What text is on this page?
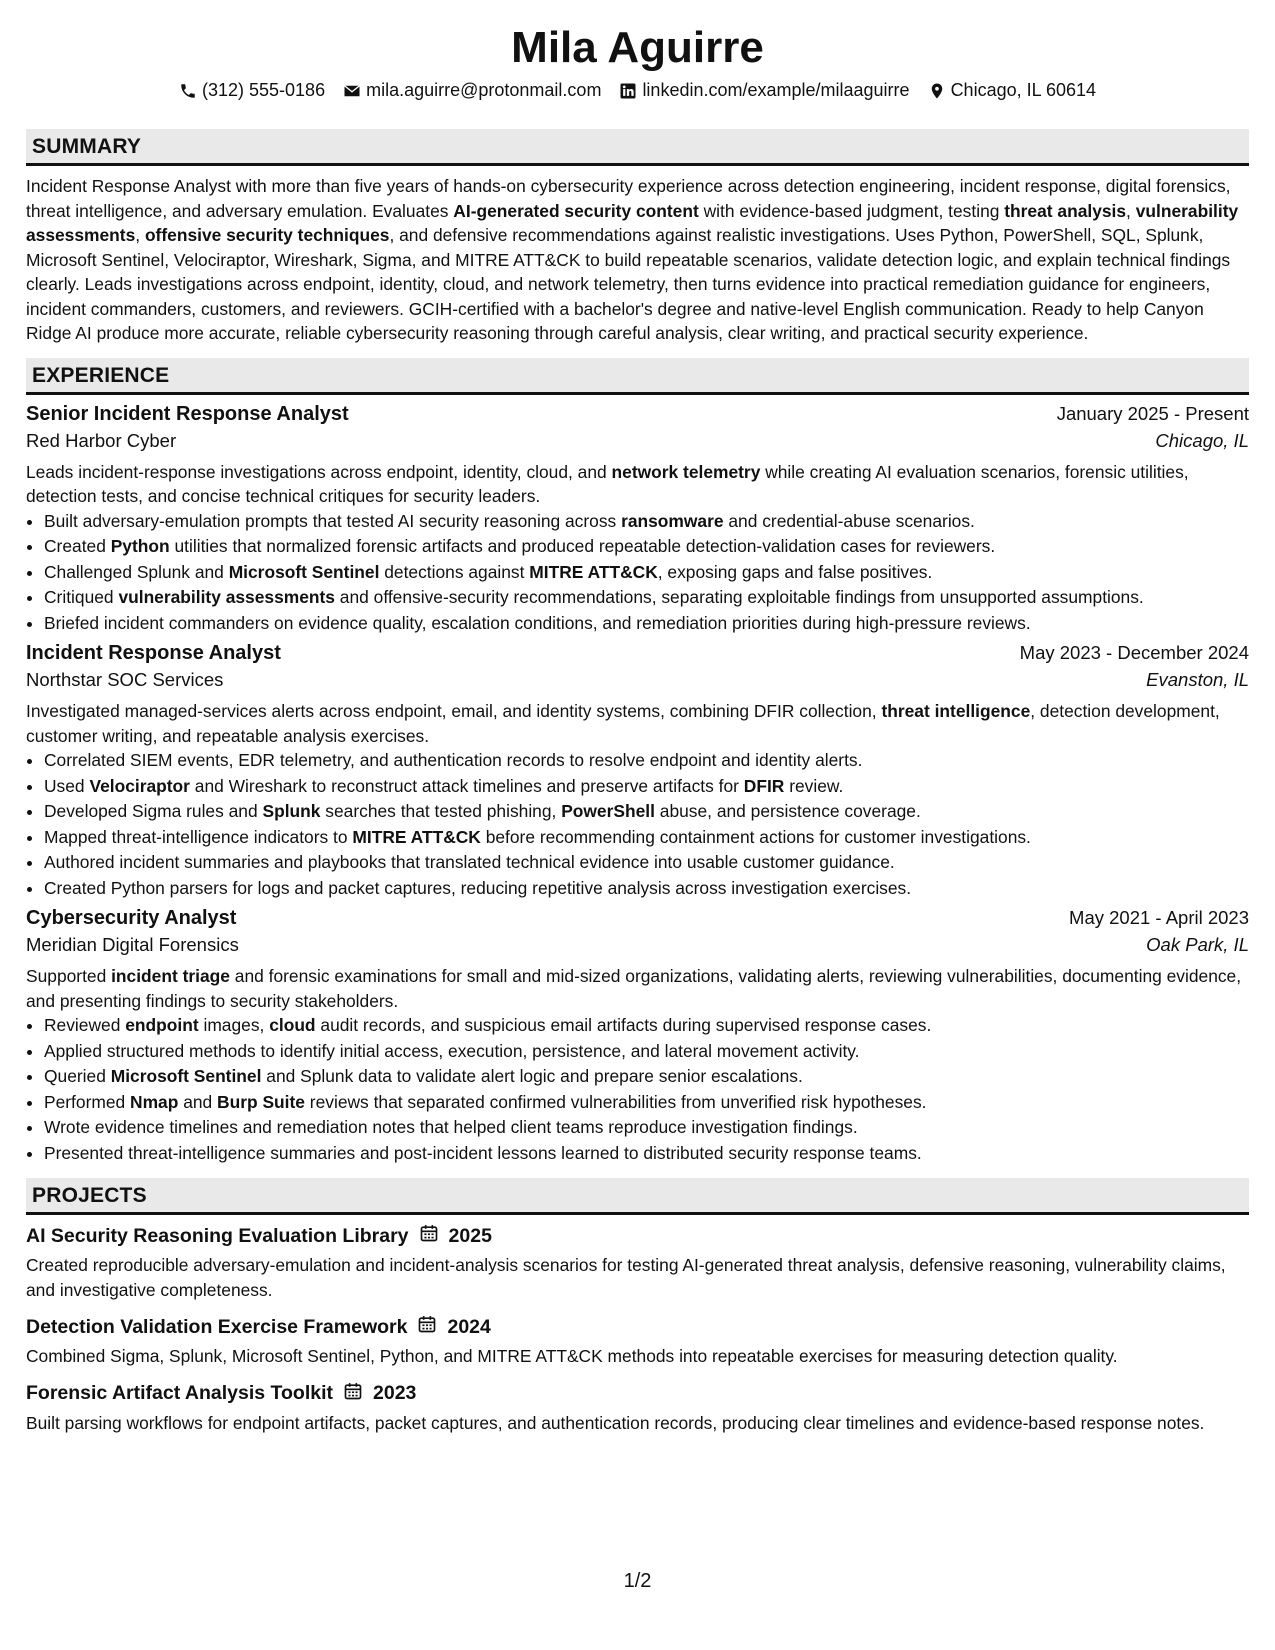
Mila Aguirre
(312) 555-0186 mila.aguirre@protonmail.com linkedin.com/example/milaaguirre Chicago, IL 60614
SUMMARY

Incident Response Analyst with more than five years of hands-on cybersecurity experience across detection engineering, incident response, digital forensics, threat intelligence, and adversary emulation. Evaluates AI-generated security content with evidence-based judgment, testing threat analysis, vulnerability assessments, offensive security techniques, and defensive recommendations against realistic investigations. Uses Python, PowerShell, SQL, Splunk, Microsoft Sentinel, Velociraptor, Wireshark, Sigma, and MITRE ATT&CK to build repeatable scenarios, validate detection logic, and explain technical findings clearly. Leads investigations across endpoint, identity, cloud, and network telemetry, then turns evidence into practical remediation guidance for engineers, incident commanders, customers, and reviewers. GCIH-certified with a bachelor's degree and native-level English communication. Ready to help Canyon Ridge AI produce more accurate, reliable cybersecurity reasoning through careful analysis, clear writing, and practical security experience.

EXPERIENCE
Senior Incident Response Analyst	January 2025 - Present
Red Harbor Cyber	Chicago, IL

Leads incident-response investigations across endpoint, identity, cloud, and network telemetry while creating AI evaluation scenarios, forensic utilities, detection tests, and concise technical critiques for security leaders.

• Built adversary-emulation prompts that tested AI security reasoning across ransomware and credential-abuse scenarios.
• Created Python utilities that normalized forensic artifacts and produced repeatable detection-validation cases for reviewers.
• Challenged Splunk and Microsoft Sentinel detections against MITRE ATT&CK, exposing gaps and false positives.
• Critiqued vulnerability assessments and offensive-security recommendations, separating exploitable findings from unsupported assumptions.
• Briefed incident commanders on evidence quality, escalation conditions, and remediation priorities during high-pressure reviews.
Incident Response Analyst	May 2023 - December 2024
Northstar SOC Services	Evanston, IL

Investigated managed-services alerts across endpoint, email, and identity systems, combining DFIR collection, threat intelligence, detection development, customer writing, and repeatable analysis exercises.

• Correlated SIEM events, EDR telemetry, and authentication records to resolve endpoint and identity alerts.
• Used Velociraptor and Wireshark to reconstruct attack timelines and preserve artifacts for DFIR review.
• Developed Sigma rules and Splunk searches that tested phishing, PowerShell abuse, and persistence coverage.
• Mapped threat-intelligence indicators to MITRE ATT&CK before recommending containment actions for customer investigations.
• Authored incident summaries and playbooks that translated technical evidence into usable customer guidance.
• Created Python parsers for logs and packet captures, reducing repetitive analysis across investigation exercises.
Cybersecurity Analyst	May 2021 - April 2023
Meridian Digital Forensics	Oak Park, IL

Supported incident triage and forensic examinations for small and mid-sized organizations, validating alerts, reviewing vulnerabilities, documenting evidence, and presenting findings to security stakeholders.

• Reviewed endpoint images, cloud audit records, and suspicious email artifacts during supervised response cases.
• Applied structured methods to identify initial access, execution, persistence, and lateral movement activity.
• Queried Microsoft Sentinel and Splunk data to validate alert logic and prepare senior escalations.
• Performed Nmap and Burp Suite reviews that separated confirmed vulnerabilities from unverified risk hypotheses.
• Wrote evidence timelines and remediation notes that helped client teams reproduce investigation findings.
• Presented threat-intelligence summaries and post-incident lessons learned to distributed security response teams.
PROJECTS
AI Security Reasoning Evaluation Library 2025

Created reproducible adversary-emulation and incident-analysis scenarios for testing AI-generated threat analysis, defensive reasoning, vulnerability claims, and investigative completeness.

Detection Validation Exercise Framework 2024

Combined Sigma, Splunk, Microsoft Sentinel, Python, and MITRE ATT&CK methods into repeatable exercises for measuring detection quality.

Forensic Artifact Analysis Toolkit 2023

Built parsing workflows for endpoint artifacts, packet captures, and authentication records, producing clear timelines and evidence-based response notes.

1/2
